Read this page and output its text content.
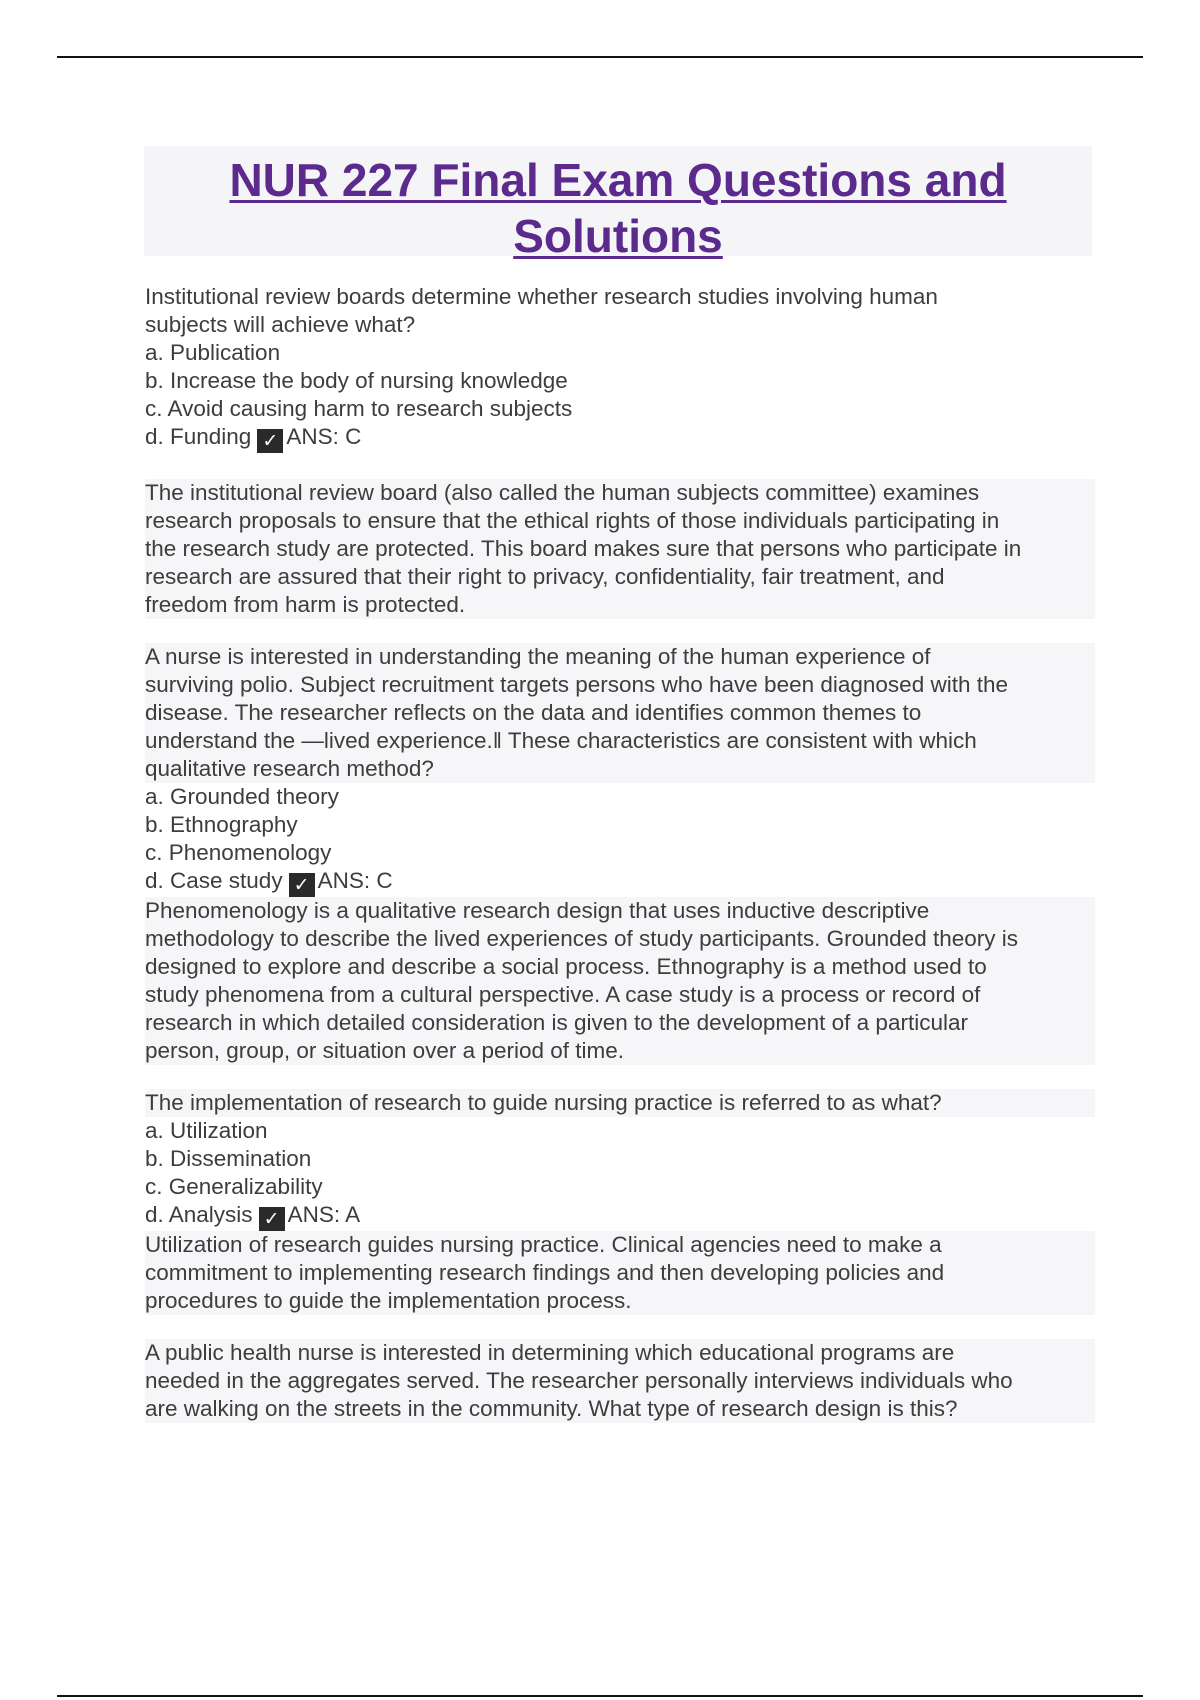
NUR 227 Final Exam Questions and Solutions
Institutional review boards determine whether research studies involving human
subjects will achieve what?
a. Publication
b. Increase the body of nursing knowledge
c. Avoid causing harm to research subjects
d. Funding ✓ ANS: C
The institutional review board (also called the human subjects committee) examines
research proposals to ensure that the ethical rights of those individuals participating in
the research study are protected. This board makes sure that persons who participate in
research are assured that their right to privacy, confidentiality, fair treatment, and
freedom from harm is protected.
A nurse is interested in understanding the meaning of the human experience of
surviving polio. Subject recruitment targets persons who have been diagnosed with the
disease. The researcher reflects on the data and identifies common themes to
understand the ―lived experience.‖ These characteristics are consistent with which
qualitative research method?
a. Grounded theory
b. Ethnography
c. Phenomenology
d. Case study ✓ ANS: C
Phenomenology is a qualitative research design that uses inductive descriptive
methodology to describe the lived experiences of study participants. Grounded theory is
designed to explore and describe a social process. Ethnography is a method used to
study phenomena from a cultural perspective. A case study is a process or record of
research in which detailed consideration is given to the development of a particular
person, group, or situation over a period of time.
The implementation of research to guide nursing practice is referred to as what?
a. Utilization
b. Dissemination
c. Generalizability
d. Analysis ✓ ANS: A
Utilization of research guides nursing practice. Clinical agencies need to make a
commitment to implementing research findings and then developing policies and
procedures to guide the implementation process.
A public health nurse is interested in determining which educational programs are
needed in the aggregates served. The researcher personally interviews individuals who
are walking on the streets in the community. What type of research design is this?
